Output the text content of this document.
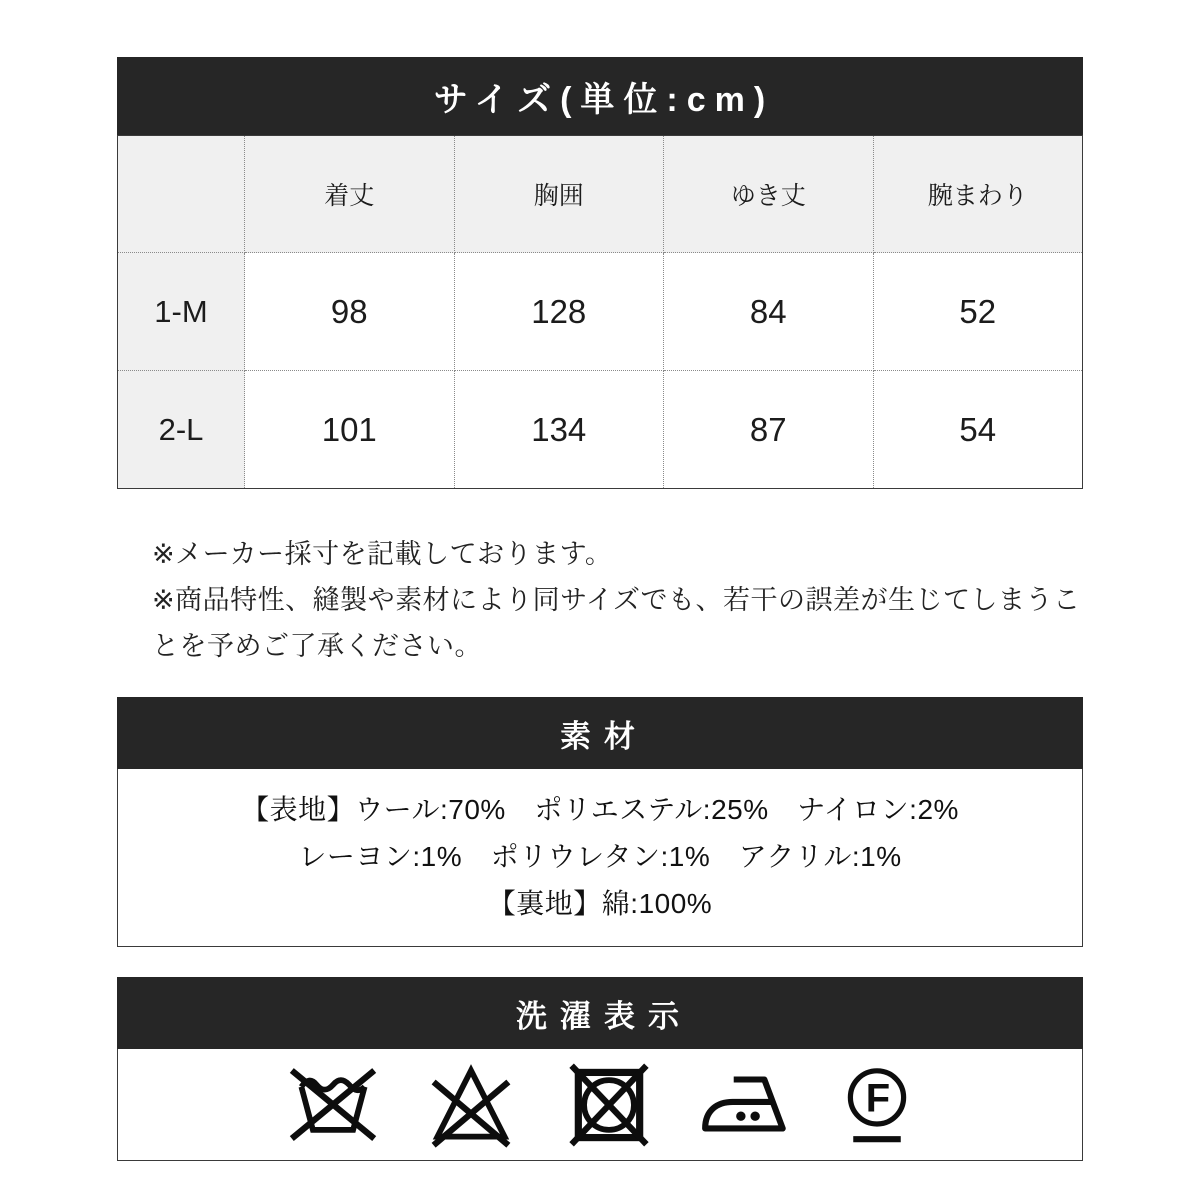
サイズ(単位:cm)
	着丈	胸囲	ゆき丈	腕まわり
1-M	98	128	84	52
2-L	101	134	87	54

※メーカー採寸を記載しております。

※商品特性、縫製や素材により同サイズでも、若干の誤差が生じてしまうことを予めご了承ください。

素材

【表地】ウール:70%　ポリエステル:25%　ナイロン:2%

レーヨン:1%　ポリウレタン:1%　アクリル:1%

【裏地】綿:100%

洗濯表示
F
